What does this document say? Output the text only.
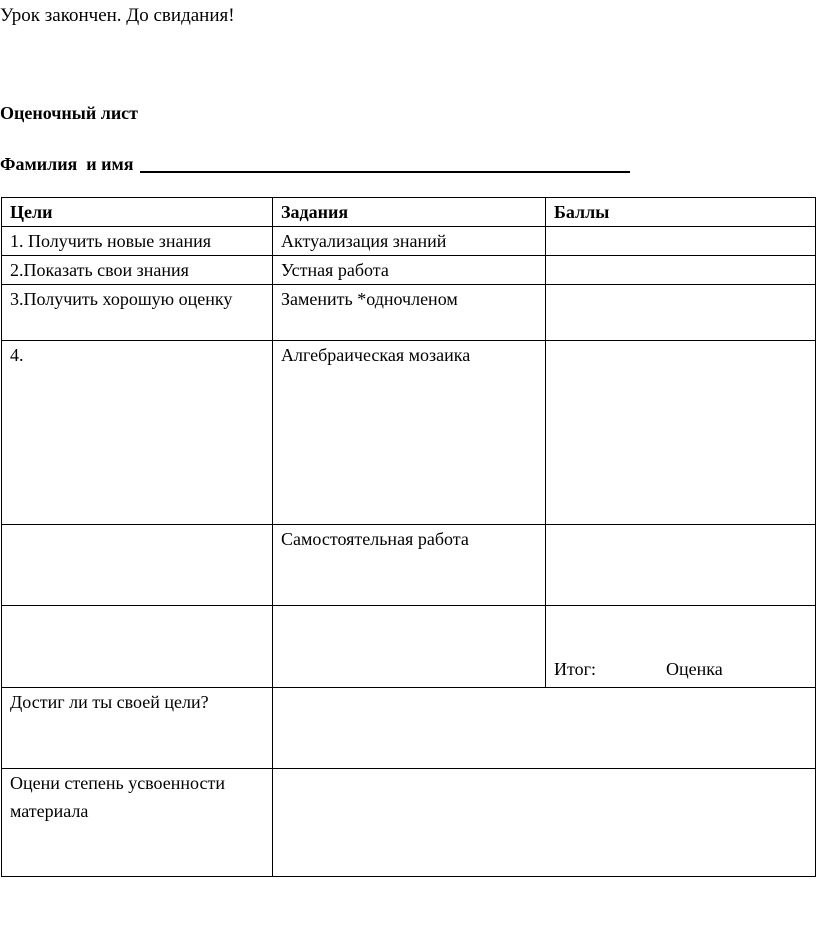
Урок закончен. До свидания!
Оценочный лист
Фамилия  и имя
Цели	Задания	Баллы
1. Получить новые знания	Актуализация знаний	
2.Показать свои знания	Устная работа	
3.Получить хорошую оценку	Заменить *одночленом	
4.	Алгебраическая мозаика	
	Самостоятельная работа	

		Итог: Оценка

Достиг ли ты своей цели?		
Оцени степень усвоенности материала		
